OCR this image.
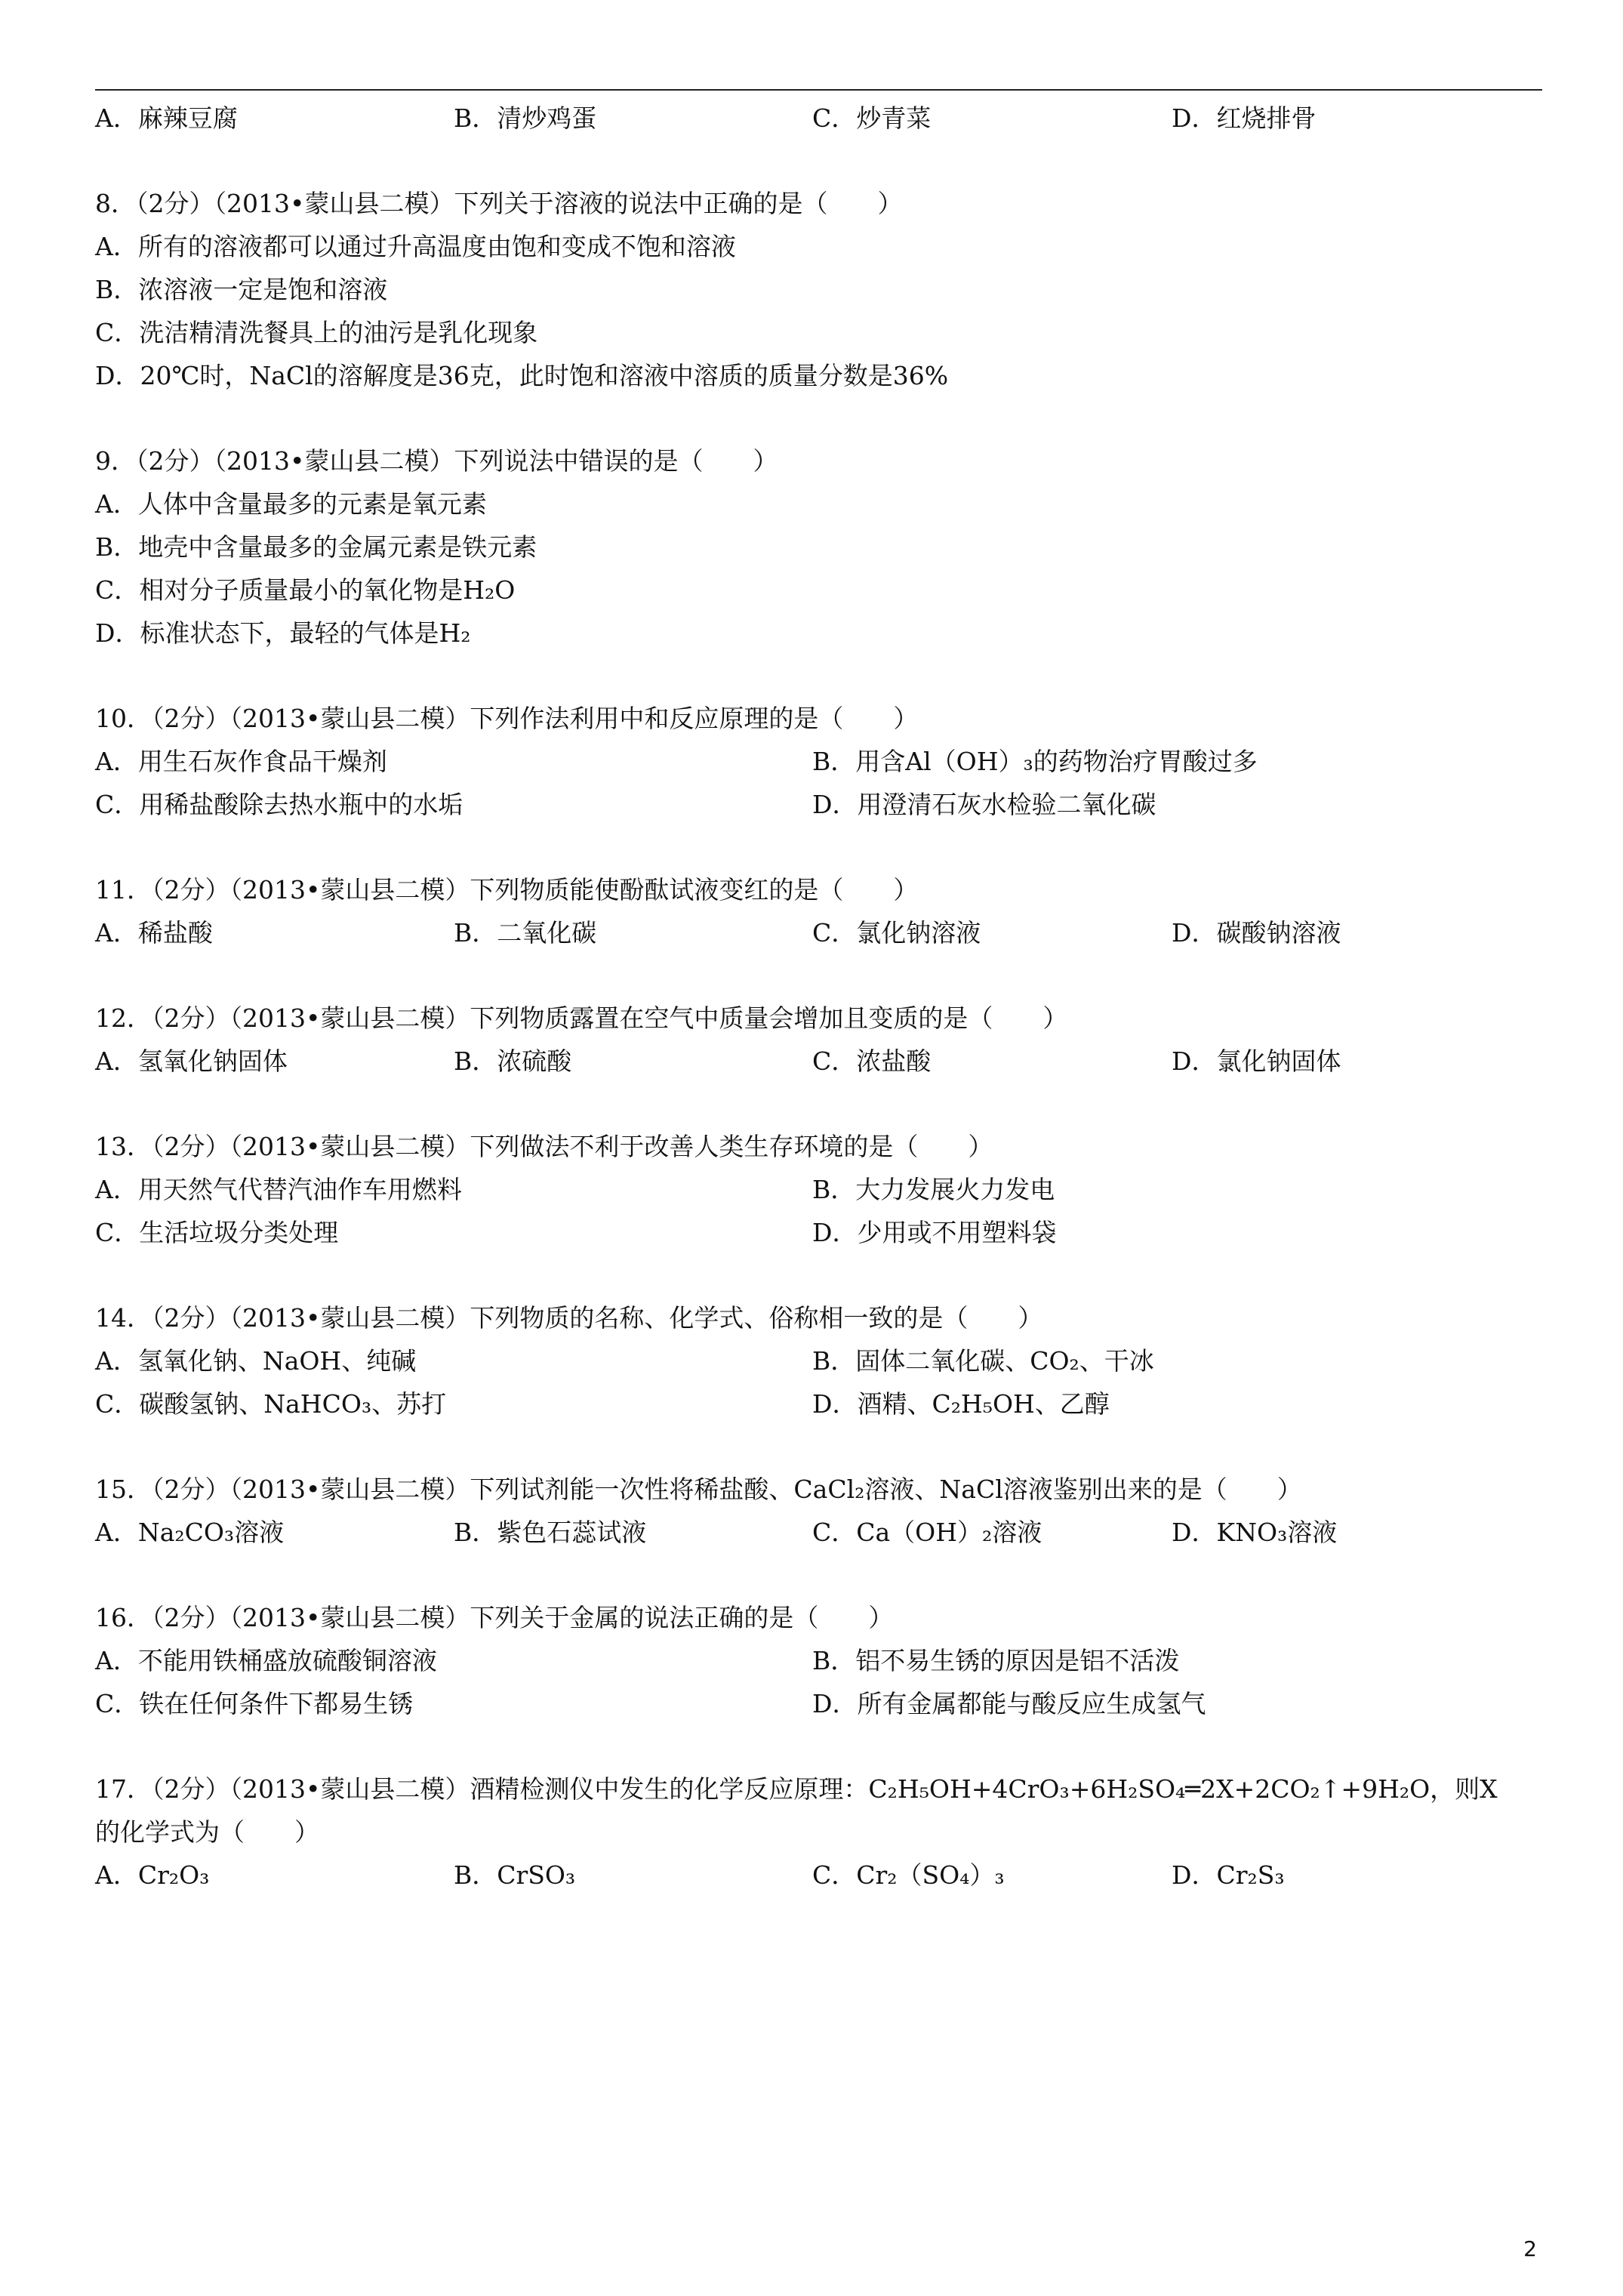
A．麻辣豆腐	B．清炒鸡蛋	C．炒青菜	D．红烧排骨
8．（2分）（2013•蒙山县二模）下列关于溶液的说法中正确的是（　　）
A．所有的溶液都可以通过升高温度由饱和变成不饱和溶液
B．浓溶液一定是饱和溶液
C．洗洁精清洗餐具上的油污是乳化现象
D．20℃时，NaCl的溶解度是36克，此时饱和溶液中溶质的质量分数是36%
9．（2分）（2013•蒙山县二模）下列说法中错误的是（　　）
A．人体中含量最多的元素是氧元素
B．地壳中含量最多的金属元素是铁元素
C．相对分子质量最小的氧化物是H₂O
D．标准状态下，最轻的气体是H₂
10．（2分）（2013•蒙山县二模）下列作法利用中和反应原理的是（　　）
A．用生石灰作食品干燥剂	B．用含Al（OH）₃的药物治疗胃酸过多
C．用稀盐酸除去热水瓶中的水垢	D．用澄清石灰水检验二氧化碳
11．（2分）（2013•蒙山县二模）下列物质能使酚酞试液变红的是（　　）
A．稀盐酸	B．二氧化碳	C．氯化钠溶液	D．碳酸钠溶液
12．（2分）（2013•蒙山县二模）下列物质露置在空气中质量会增加且变质的是（　　）
A．氢氧化钠固体	B．浓硫酸	C．浓盐酸	D．氯化钠固体
13．（2分）（2013•蒙山县二模）下列做法不利于改善人类生存环境的是（　　）
A．用天然气代替汽油作车用燃料	B．大力发展火力发电
C．生活垃圾分类处理	D．少用或不用塑料袋
14．（2分）（2013•蒙山县二模）下列物质的名称、化学式、俗称相一致的是（　　）
A．氢氧化钠、NaOH、纯碱	B．固体二氧化碳、CO₂、干冰
C．碳酸氢钠、NaHCO₃、苏打	D．酒精、C₂H₅OH、乙醇
15．（2分）（2013•蒙山县二模）下列试剂能一次性将稀盐酸、CaCl₂溶液、NaCl溶液鉴别出来的是（　　）
A．Na₂CO₃溶液	B．紫色石蕊试液	C．Ca（OH）₂溶液	D．KNO₃溶液
16．（2分）（2013•蒙山县二模）下列关于金属的说法正确的是（　　）
A．不能用铁桶盛放硫酸铜溶液	B．铝不易生锈的原因是铝不活泼
C．铁在任何条件下都易生锈	D．所有金属都能与酸反应生成氢气
17．（2分）（2013•蒙山县二模）酒精检测仪中发生的化学反应原理：C₂H₅OH+4CrO₃+6H₂SO₄═2X+2CO₂↑+9H₂O，则X
的化学式为（　　）
A．Cr₂O₃	B．CrSO₃	C．Cr₂（SO₄）₃	D．Cr₂S₃
2
